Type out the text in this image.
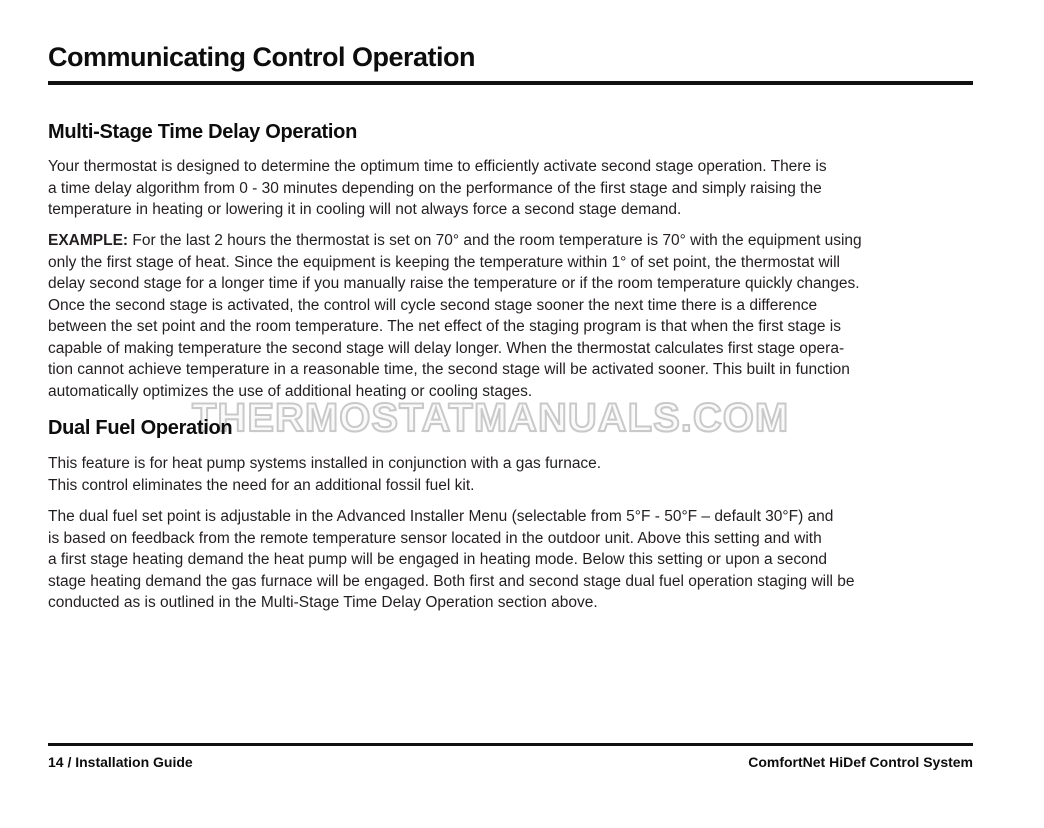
Communicating Control Operation
Multi-Stage Time Delay Operation
Your thermostat is designed to determine the optimum time to efficiently activate second stage operation. There is
a time delay algorithm from 0 - 30 minutes depending on the performance of the first stage and simply raising the
temperature in heating or lowering it in cooling will not always force a second stage demand.
EXAMPLE: For the last 2 hours the thermostat is set on 70° and the room temperature is 70° with the equipment using
only the first stage of heat. Since the equipment is keeping the temperature within 1° of set point, the thermostat will
delay second stage for a longer time if you manually raise the temperature or if the room temperature quickly changes.
Once the second stage is activated, the control will cycle second stage sooner the next time there is a difference
between the set point and the room temperature. The net effect of the staging program is that when the first stage is
capable of making temperature the second stage will delay longer. When the thermostat calculates first stage opera-
tion cannot achieve temperature in a reasonable time, the second stage will be activated sooner. This built in function
automatically optimizes the use of additional heating or cooling stages.
THERMOSTATMANUALS.COM
Dual Fuel Operation
This feature is for heat pump systems installed in conjunction with a gas furnace.
This control eliminates the need for an additional fossil fuel kit.
The dual fuel set point is adjustable in the Advanced Installer Menu (selectable from 5°F - 50°F – default 30°F) and
is based on feedback from the remote temperature sensor located in the outdoor unit. Above this setting and with
a first stage heating demand the heat pump will be engaged in heating mode. Below this setting or upon a second
stage heating demand the gas furnace will be engaged. Both first and second stage dual fuel operation staging will be
conducted as is outlined in the Multi-Stage Time Delay Operation section above.
14 / Installation Guide	ComfortNet HiDef Control System
